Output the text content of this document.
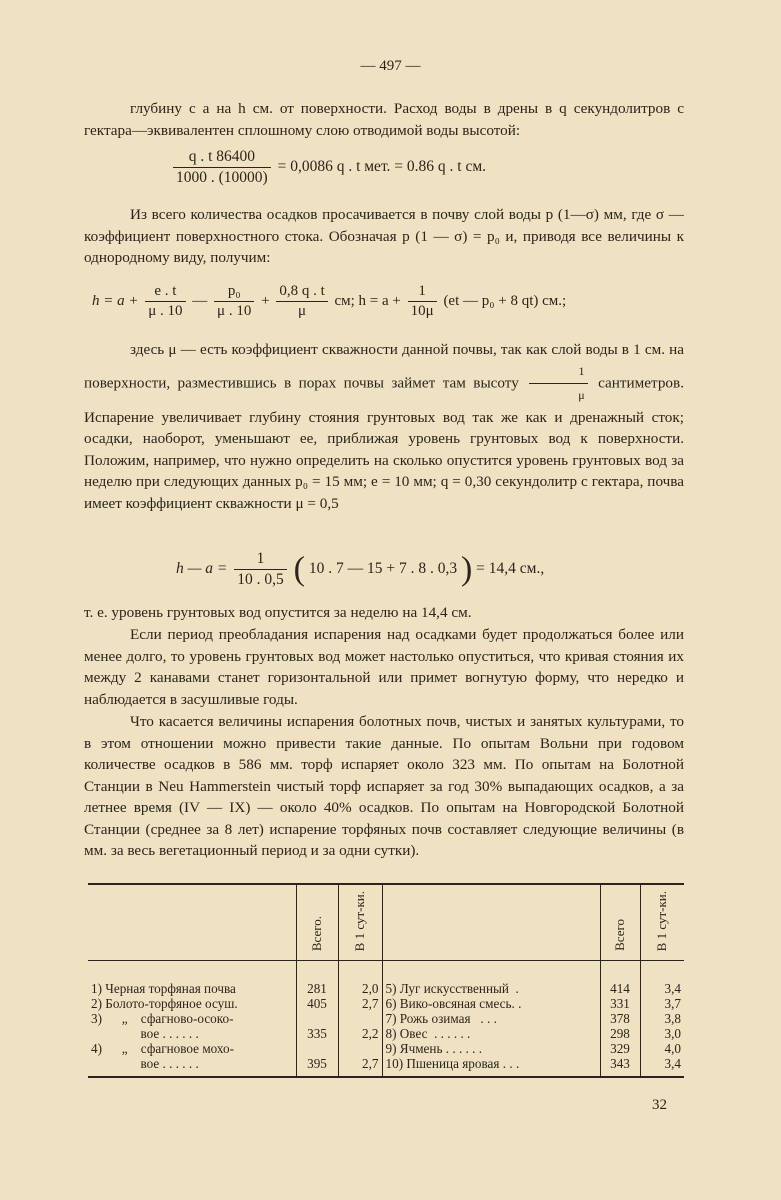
— 497 —

глубину с a на h см. от поверхности. Расход воды в дрены в q секундолитров с гектара—эквивалентен сплошному слою отводимой воды высотой:

$\frac{q . t 86400}{1000 . (10000)} = 0,0086$ q . t мет. = 0.86 q . t см.

Из всего количества осадков просачивается в почву слой воды p (1—σ) мм, где σ — коэффициент поверхностного стока. Обозначая p (1 — σ) = p₀ и, приводя все величины к однородному виду, получим:

$h = a + \frac{e . t}{\mu . 10}$ — $\frac{\text{p₀}}{\mu . 10} + \frac{0,8 q . t}{\mu}$ см; $h = a + \frac{1}{10\mu} (et$ — p₀ + 8 qt) см.;

здесь μ — есть коэффициент скважности данной почвы, так как слой воды в 1 см. на поверхности, разместившись в порах почвы займет там высоту $\frac{1}{\mu}$ сантиметров. Испарение увеличивает глубину стояния грунтовых вод так же как и дренажный сток; осадки, наоборот, уменьшают ее, приближая уровень грунтовых вод к поверхности. Положим, например, что нужно определить на сколько опустится уровень грунтовых вод за неделю при следующих данных p₀ = 15 мм; e = 10 мм; q = 0,30 секундолитр с гектара, почва имеет коэффициент скважности μ = 0,5

h — $a = \frac{1}{10 . 0,5}$ ( 10 . 7 — 15 + 7 . 8 . 0,3 ) = 14,4 см.,

т. е. уровень грунтовых вод опустится за неделю на 14,4 см.

Если период преобладания испарения над осадками будет продолжаться более или менее долго, то уровень грунтовых вод может настолько опуститься, что кривая стояния их между 2 канавами станет горизонтальной или примет вогнутую форму, что нередко и наблюдается в засушливые годы.

Что касается величины испарения болотных почв, чистых и занятых культурами, то в этом отношении можно привести такие данные. По опытам Вольни при годовом количестве осадков в 586 мм. торф испаряет около 323 мм. По опытам на Болотной Станции в Neu Hammerstein чистый торф испаряет за год 30% выпадающих осадков, а за летнее время (IV — IX) — около 40% осадков. По опытам на Новгородской Болотной Станции (среднее за 8 лет) испарение торфяных почв составляет следующие величины (в мм. за весь вегетационный период и за одни сутки).

	Всего.	В 1 сут-ки.		Всего	В 1 сут-ки.

1) Черная торфяная почва	281	2,0	5) Луг искусственный  .	414	3,4
2) Болото-торфяное осуш.	405	2,7	6) Вико-овсяная смесь. .	331	3,7
3)      „    сфагново-осоко-			7) Рожь озимая   . . .	378	3,8
вое . . . . . .	335	2,2	8) Овес  . . . . . .	298	3,0
4)      „    сфагновое мохо-			9) Ячмень . . . . . .	329	4,0
вое . . . . . .	395	2,7	10) Пшеница яровая . . .	343	3,4

32
